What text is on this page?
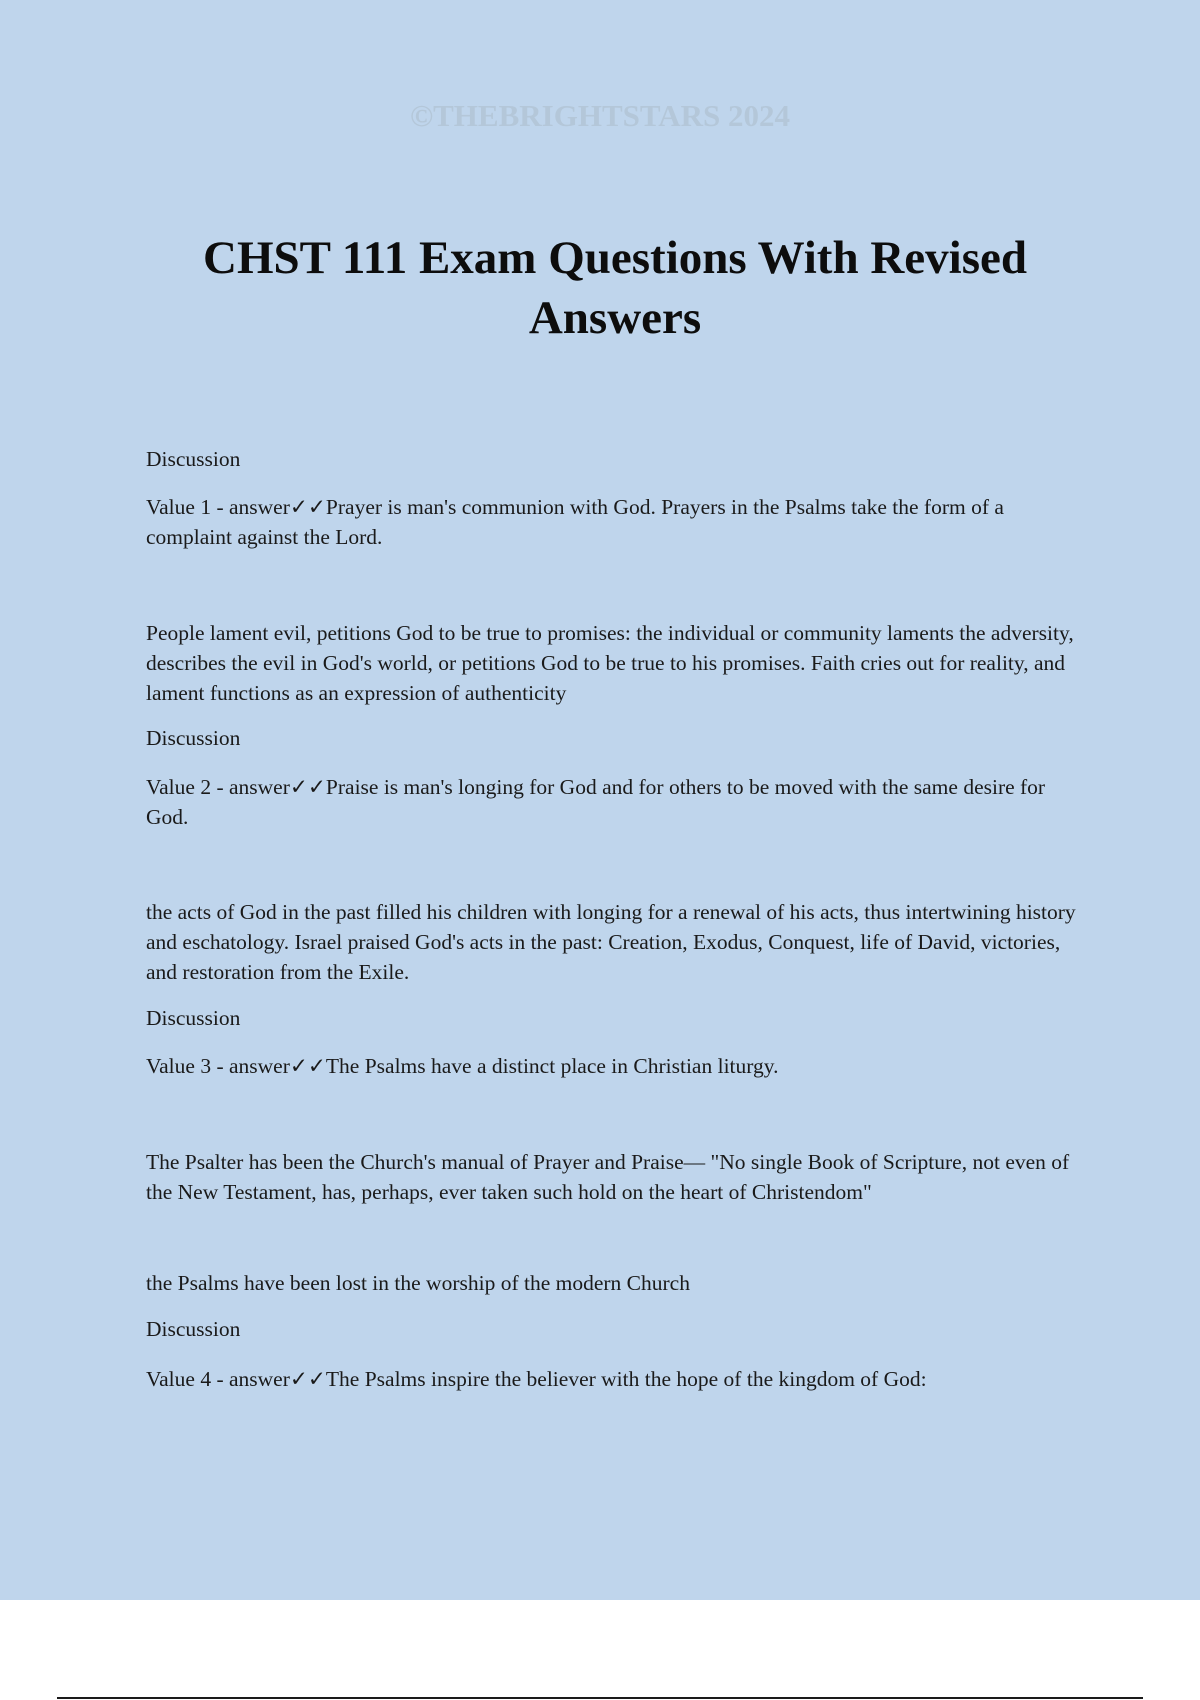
©THEBRIGHTSTARS 2024
CHST 111 Exam Questions With Revised Answers

Discussion

Value 1 - answer✓✓Prayer is man's communion with God. Prayers in the Psalms take the form of a complaint against the Lord.

People lament evil, petitions God to be true to promises: the individual or community laments the adversity, describes the evil in God's world, or petitions God to be true to his promises. Faith cries out for reality, and lament functions as an expression of authenticity

Discussion

Value 2 - answer✓✓Praise is man's longing for God and for others to be moved with the same desire for God.

the acts of God in the past filled his children with longing for a renewal of his acts, thus intertwining history and eschatology. Israel praised God's acts in the past: Creation, Exodus, Conquest, life of David, victories, and restoration from the Exile.

Discussion

Value 3 - answer✓✓The Psalms have a distinct place in Christian liturgy.

The Psalter has been the Church's manual of Prayer and Praise— "No single Book of Scripture, not even of the New Testament, has, perhaps, ever taken such hold on the heart of Christendom"

the Psalms have been lost in the worship of the modern Church

Discussion

Value 4 - answer✓✓The Psalms inspire the believer with the hope of the kingdom of God:
